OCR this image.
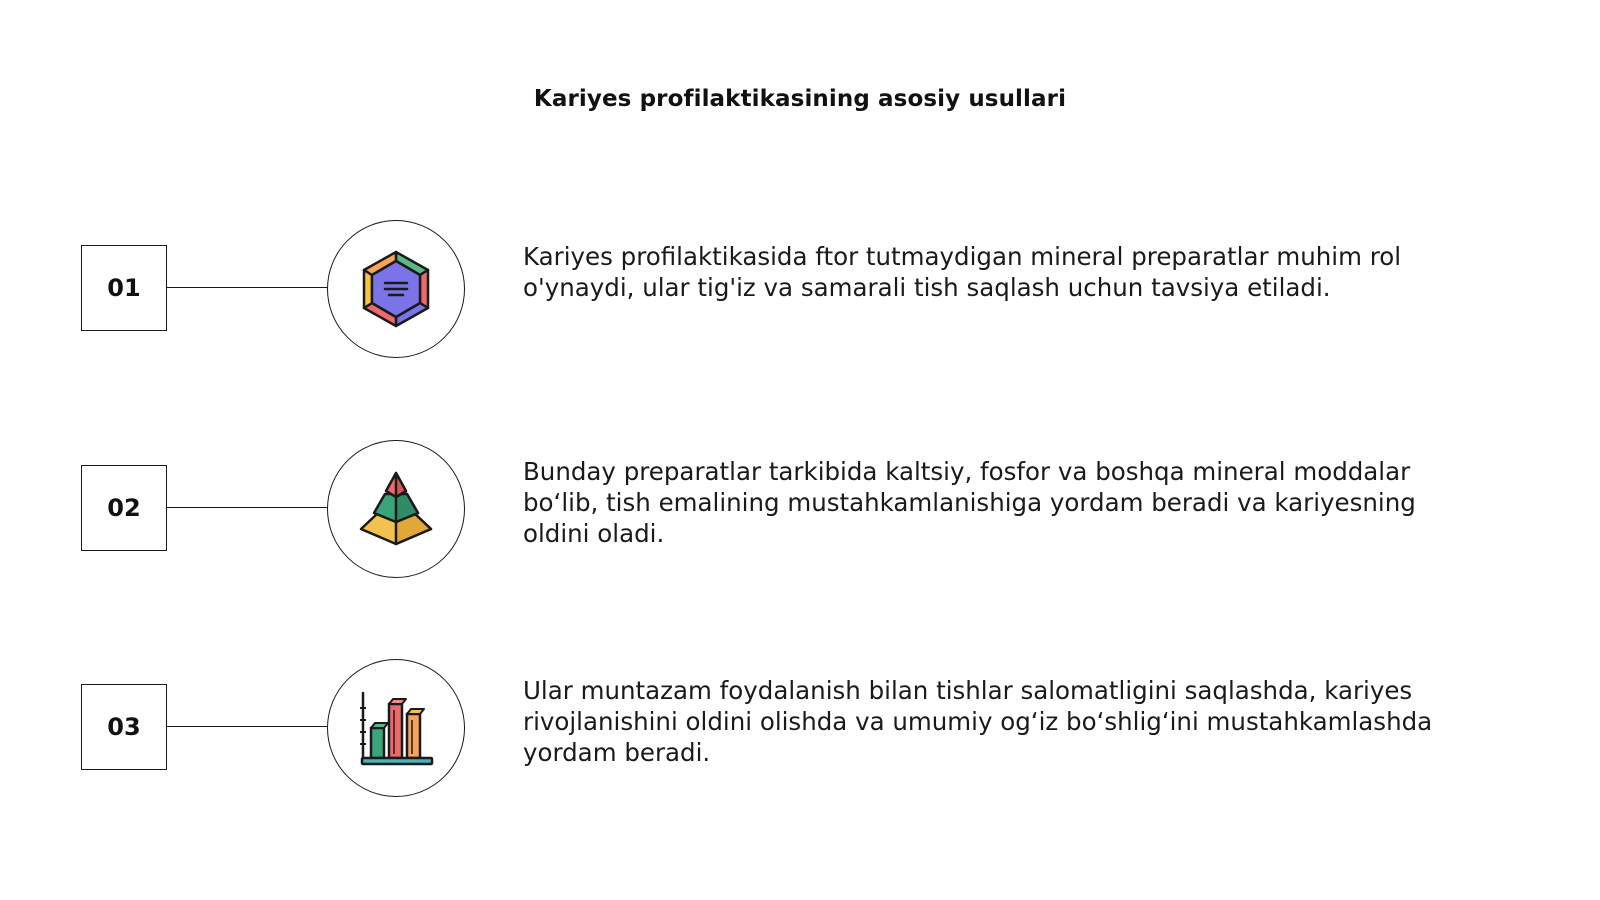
Kariyes profilaktikasining asosiy usullari
01

Kariyes profilaktikasida ftor tutmaydigan mineral preparatlar muhim rol o'ynaydi, ular tig'iz va samarali tish saqlash uchun tavsiya etiladi.

02

Bunday preparatlar tarkibida kaltsiy, fosfor va boshqa mineral moddalar bo‘lib, tish emalining mustahkamlanishiga yordam beradi va kariyesning oldini oladi.

03

Ular muntazam foydalanish bilan tishlar salomatligini saqlashda, kariyes rivojlanishini oldini olishda va umumiy og‘iz bo‘shlig‘ini mustahkamlashda yordam beradi.
